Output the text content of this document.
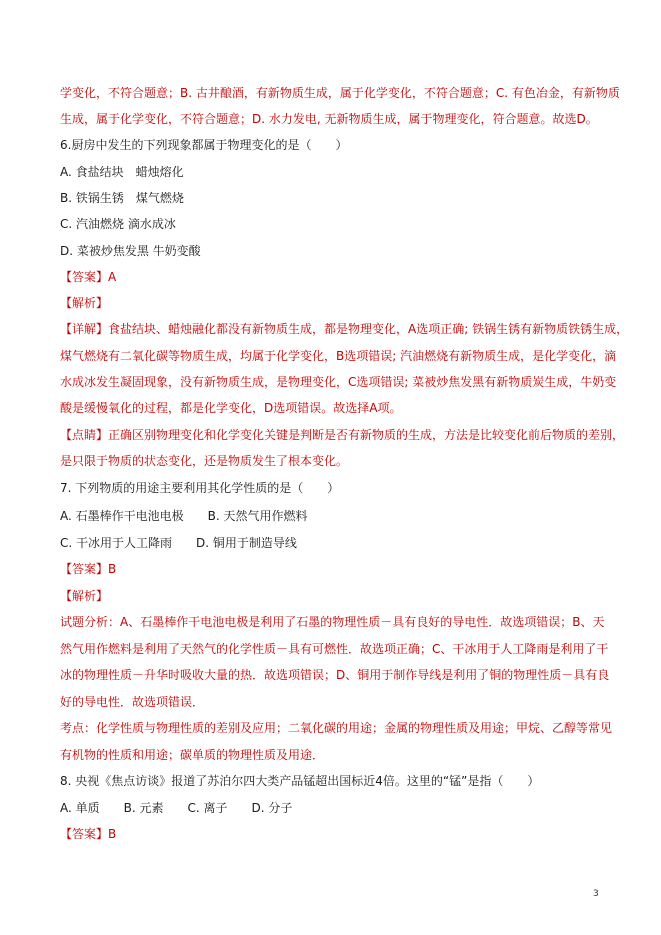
学变化，不符合题意；B. 古井酿酒，有新物质生成，属于化学变化，不符合题意；C. 有色冶金，有新物质
生成，属于化学变化，不符合题意；D. 水力发电, 无新物质生成，属于物理变化，符合题意。故选D。
6.厨房中发生的下列现象都属于物理变化的是（　　）
A. 食盐结块　蜡烛熔化
B. 铁锅生锈　煤气燃烧
C. 汽油燃烧 滴水成冰
D. 菜被炒焦发黑 牛奶变酸
【答案】A
【解析】
【详解】食盐结块、蜡烛融化都没有新物质生成，都是物理变化，A选项正确; 铁锅生锈有新物质铁锈生成，
煤气燃烧有二氧化碳等物质生成，均属于化学变化，B选项错误; 汽油燃烧有新物质生成，是化学变化，滴
水成冰发生凝固现象，没有新物质生成，是物理变化，C选项错误; 菜被炒焦发黑有新物质炭生成，牛奶变
酸是缓慢氧化的过程，都是化学变化，D选项错误。故选择A项。
【点睛】正确区别物理变化和化学变化关键是判断是否有新物质的生成，方法是比较变化前后物质的差别，
是只限于物质的状态变化，还是物质发生了根本变化。
7. 下列物质的用途主要利用其化学性质的是（　　）
A. 石墨棒作干电池电极　　B. 天然气用作燃料
C. 干冰用于人工降雨　　D. 铜用于制造导线
【答案】B
【解析】
试题分析：A、石墨棒作干电池电极是利用了石墨的物理性质－具有良好的导电性．故选项错误；B、天
然气用作燃料是利用了天然气的化学性质－具有可燃性．故选项正确；C、干冰用于人工降雨是利用了干
冰的物理性质－升华时吸收大量的热．故选项错误；D、铜用于制作导线是利用了铜的物理性质－具有良
好的导电性．故选项错误．
考点：化学性质与物理性质的差别及应用；二氧化碳的用途；金属的物理性质及用途；甲烷、乙醇等常见
有机物的性质和用途；碳单质的物理性质及用途．
8. 央视《焦点访谈》报道了苏泊尔四大类产品锰超出国标近4倍。这里的“锰”是指（　　）
A. 单质　　B. 元素　　C. 离子　　D. 分子
【答案】B
3
